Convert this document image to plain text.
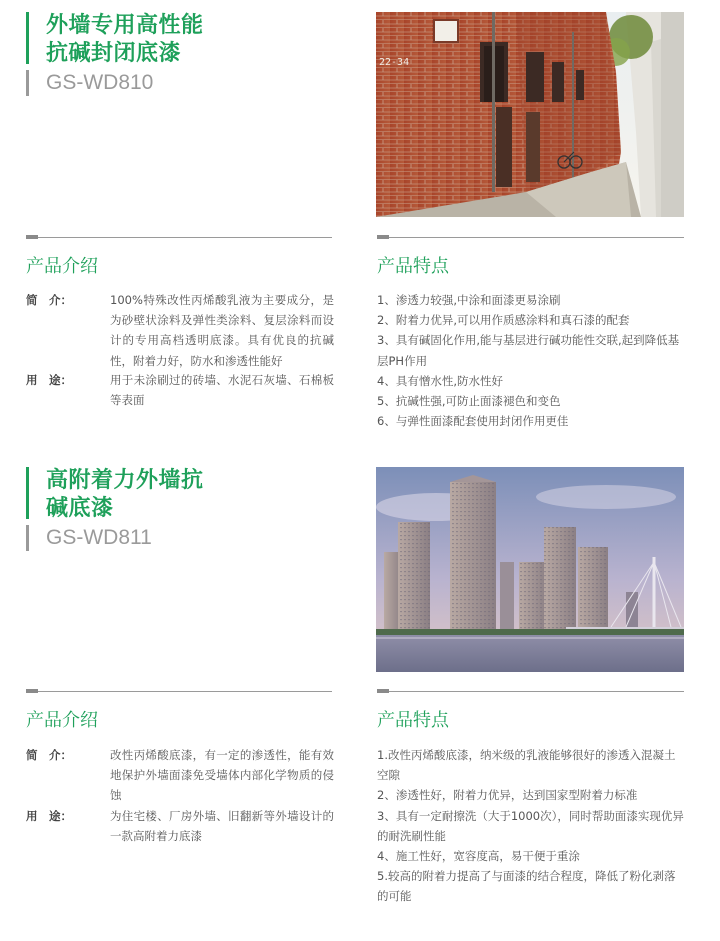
外墙专用高性能
抗碱封闭底漆
GS-WD810
22-34
产品介绍	产品特点
简　介：	100%特殊改性丙烯酸乳液为主要成分，是为砂壁状涂料及弹性类涂料、复层涂料而设计的专用高档透明底漆。具有优良的抗碱性，附着力好，防水和渗透性能好
用　途：	用于未涂刷过的砖墙、水泥石灰墙、石棉板等表面
1、渗透力较强,中涂和面漆更易涂刷
2、附着力优异,可以用作质感涂料和真石漆的配套
3、具有碱固化作用,能与基层进行碱功能性交联,起到降低基层PH作用
4、具有憎水性,防水性好
5、抗碱性强,可防止面漆褪色和变色
6、与弹性面漆配套使用封闭作用更佳
高附着力外墙抗
碱底漆
GS-WD811
产品介绍	产品特点
简　介：	改性丙烯酸底漆，有一定的渗透性，能有效地保护外墙面漆免受墙体内部化学物质的侵蚀
用　途：	为住宅楼、厂房外墙、旧翻新等外墙设计的一款高附着力底漆
1.改性丙烯酸底漆，纳米级的乳液能够很好的渗透入混凝土空隙
2、渗透性好，附着力优异，达到国家型附着力标准
3、具有一定耐擦洗（大于1000次），同时帮助面漆实现优异的耐洗刷性能
4、施工性好，宽容度高，易干便于重涂
5.较高的附着力提高了与面漆的结合程度，降低了粉化剥落的可能
